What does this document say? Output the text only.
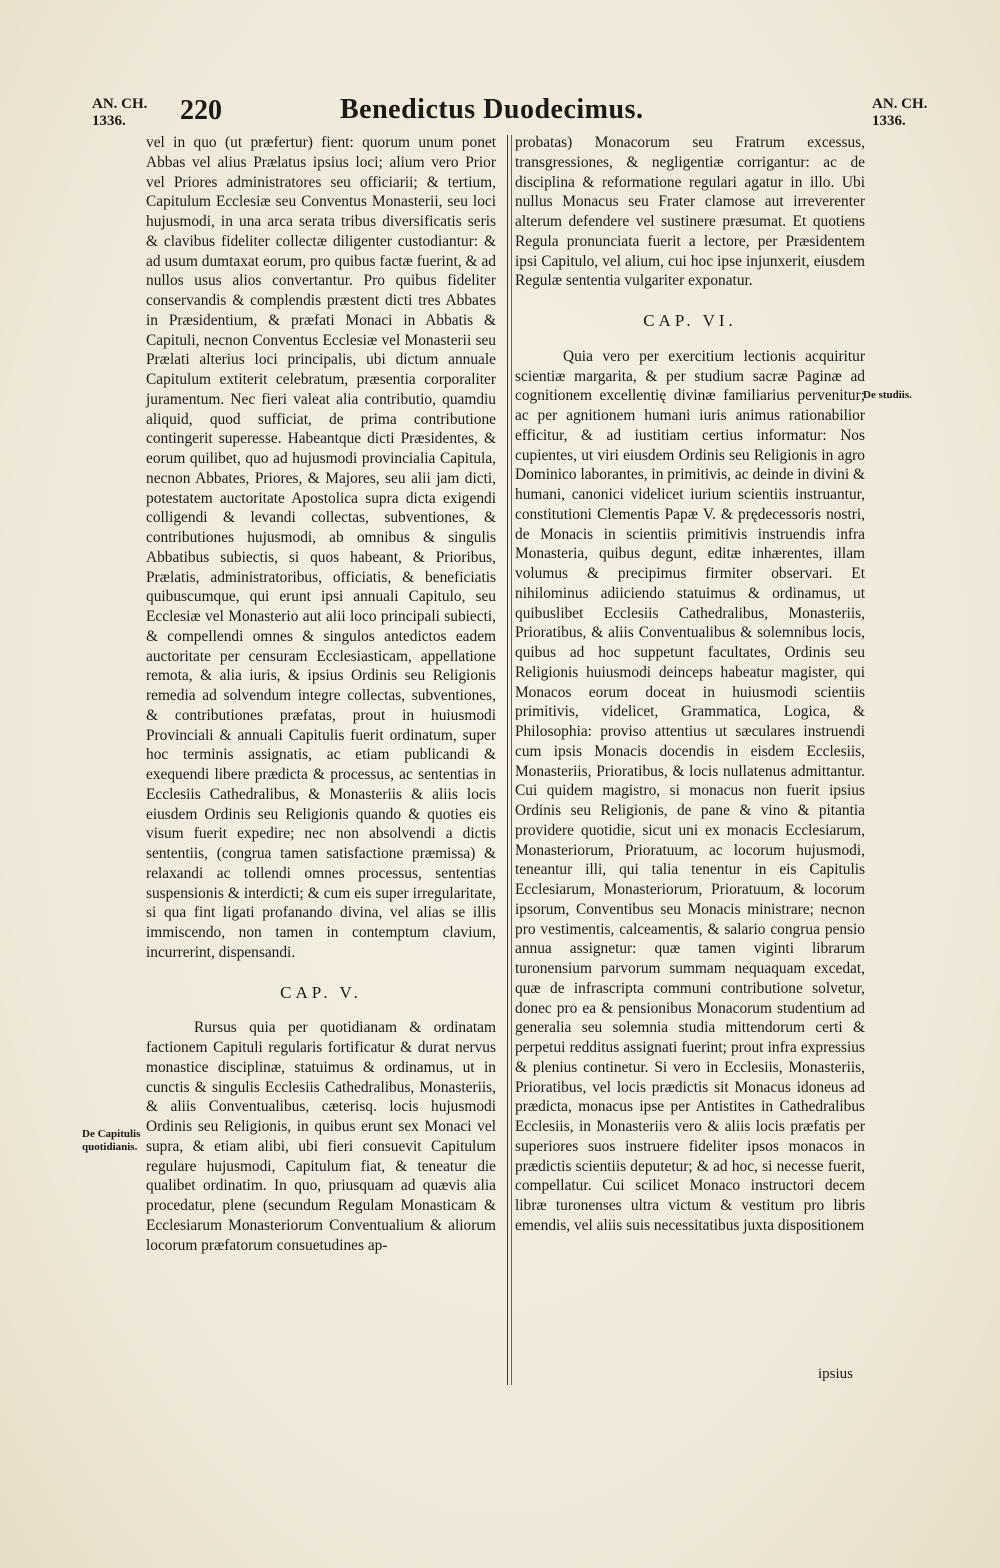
AN. CH.
1336.	220	Benedictus Duodecimus.	AN. CH.
1336.

vel in quo (ut præfertur) fient: quorum unum ponet Abbas vel alius Prælatus ipsius loci; alium vero Prior vel Priores administratores seu officiarii; & tertium, Capitulum Ecclesiæ seu Conventus Monasterii, seu loci hujusmodi, in una arca serata tribus diversificatis seris & clavibus fideliter collectæ diligenter custodiantur: & ad usum dumtaxat eorum, pro quibus factæ fuerint, & ad nullos usus alios convertantur. Pro quibus fideliter conservandis & complendis præstent dicti tres Abbates in Præsidentium, & præfati Monaci in Abbatis & Capituli, necnon Conventus Ecclesiæ vel Monasterii seu Prælati alterius loci principalis, ubi dictum annuale Capitulum extiterit celebratum, præsentia corporaliter juramentum. Nec fieri valeat alia contributio, quamdiu aliquid, quod sufficiat, de prima contributione contingerit superesse. Habeantque dicti Præsidentes, & eorum quilibet, quo ad hujusmodi provincialia Capitula, necnon Abbates, Priores, & Majores, seu alii jam dicti, potestatem auctoritate Apostolica supra dicta exigendi colligendi & levandi collectas, subventiones, & contributiones hujusmodi, ab omnibus & singulis Abbatibus subiectis, si quos habeant, & Prioribus, Prælatis, administratoribus, officiatis, & beneficiatis quibuscumque, qui erunt ipsi annuali Capitulo, seu Ecclesiæ vel Monasterio aut alii loco principali subiecti, & compellendi omnes & singulos antedictos eadem auctoritate per censuram Ecclesiasticam, appellatione remota, & alia iuris, & ipsius Ordinis seu Religionis remedia ad solvendum integre collectas, subventiones, & contributiones præfatas, prout in huiusmodi Provinciali & annuali Capitulis fuerit ordinatum, super hoc terminis assignatis, ac etiam publicandi & exequendi libere prædicta & processus, ac sententias in Ecclesiis Cathedralibus, & Monasteriis & aliis locis eiusdem Ordinis seu Religionis quando & quoties eis visum fuerit expedire; nec non absolvendi a dictis sententiis, (congrua tamen satisfactione præmissa) & relaxandi ac tollendi omnes processus, sententias suspensionis & interdicti; & cum eis super irregularitate, si qua fint ligati profanando divina, vel alias se illis immiscendo, non tamen in contemptum clavium, incurrerint, dispensandi.

CAP. V.

Rursus quia per quotidianam & ordinatam factionem Capituli regularis fortificatur & durat nervus monastice disciplinæ, statuimus & ordinamus, ut in cunctis & singulis Ecclesiis Cathedralibus, Monasteriis, & aliis Conventualibus, cæterisq. locis hujusmodi Ordinis seu Religionis, in quibus erunt sex Monaci vel supra, & etiam alibi, ubi fieri consuevit Capitulum regulare hujusmodi, Capitulum fiat, & teneatur die qualibet ordinatim. In quo, priusquam ad quævis alia procedatur, plene (secundum Regulam Monasticam & Ecclesiarum Monasteriorum Conventualium & aliorum locorum præfatorum consuetudines ap-

probatas) Monacorum seu Fratrum excessus, transgressiones, & negligentiæ corrigantur: ac de disciplina & reformatione regulari agatur in illo. Ubi nullus Monacus seu Frater clamose aut irreverenter alterum defendere vel sustinere præsumat. Et quotiens Regula pronunciata fuerit a lectore, per Præsidentem ipsi Capitulo, vel alium, cui hoc ipse injunxerit, eiusdem Regulæ sententia vulgariter exponatur.

CAP. VI.

Quia vero per exercitium lectionis acquiritur scientiæ margarita, & per studium sacræ Paginæ ad cognitionem excellentię divinæ familiarius pervenitur; ac per agnitionem humani iuris animus rationabilior efficitur, & ad iustitiam certius informatur: Nos cupientes, ut viri eiusdem Ordinis seu Religionis in agro Dominico laborantes, in primitivis, ac deinde in divini & humani, canonici videlicet iurium scientiis instruantur, constitutioni Clementis Papæ V. & prędecessoris nostri, de Monacis in scientiis primitivis instruendis infra Monasteria, quibus degunt, editæ inhærentes, illam volumus & precipimus firmiter observari. Et nihilominus adiiciendo statuimus & ordinamus, ut quibuslibet Ecclesiis Cathedralibus, Monasteriis, Prioratibus, & aliis Conventualibus & solemnibus locis, quibus ad hoc suppetunt facultates, Ordinis seu Religionis huiusmodi deinceps habeatur magister, qui Monacos eorum doceat in huiusmodi scientiis primitivis, videlicet, Grammatica, Logica, & Philosophia: proviso attentius ut sæculares instruendi cum ipsis Monacis docendis in eisdem Ecclesiis, Monasteriis, Prioratibus, & locis nullatenus admittantur. Cui quidem magistro, si monacus non fuerit ipsius Ordinis seu Religionis, de pane & vino & pitantia providere quotidie, sicut uni ex monacis Ecclesiarum, Monasteriorum, Prioratuum, ac locorum hujusmodi, teneantur illi, qui talia tenentur in eis Capitulis Ecclesiarum, Monasteriorum, Prioratuum, & locorum ipsorum, Conventibus seu Monacis ministrare; necnon pro vestimentis, calceamentis, & salario congrua pensio annua assignetur: quæ tamen viginti librarum turonensium parvorum summam nequaquam excedat, quæ de infrascripta communi contributione solvetur, donec pro ea & pensionibus Monacorum studentium ad generalia seu solemnia studia mittendorum certi & perpetui redditus assignati fuerint; prout infra expressius & plenius continetur. Si vero in Ecclesiis, Monasteriis, Prioratibus, vel locis prædictis sit Monacus idoneus ad prædicta, monacus ipse per Antistites in Cathedralibus Ecclesiis, in Monasteriis vero & aliis locis præfatis per superiores suos instruere fideliter ipsos monacos in prædictis scientiis deputetur; & ad hoc, si necesse fuerit, compellatur. Cui scilicet Monaco instructori decem libræ turonenses ultra victum & vestitum pro libris emendis, vel aliis suis necessitatibus juxta dispositionem

De Capitulis quotidianis.
De studiis.
ipsius
